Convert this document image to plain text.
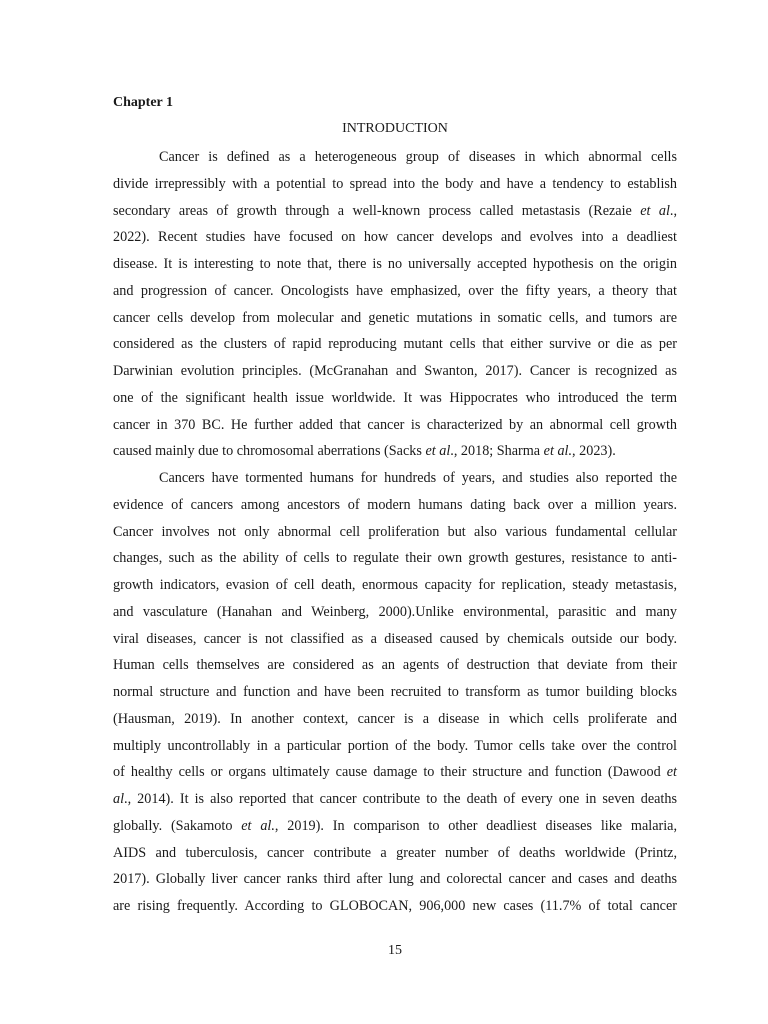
Chapter 1
INTRODUCTION
Cancer is defined as a heterogeneous group of diseases in which abnormal cells
divide irrepressibly with a potential to spread into the body and have a tendency to establish
secondary areas of growth through a well-known process called metastasis (Rezaie et al.,
2022). Recent studies have focused on how cancer develops and evolves into a deadliest
disease. It is interesting to note that, there is no universally accepted hypothesis on the origin
and progression of cancer. Oncologists have emphasized, over the fifty years, a theory that
cancer cells develop from molecular and genetic mutations in somatic cells, and tumors are
considered as the clusters of rapid reproducing mutant cells that either survive or die as per
Darwinian evolution principles. (McGranahan and Swanton, 2017). Cancer is recognized as
one of the significant health issue worldwide. It was Hippocrates who introduced the term
cancer in 370 BC. He further added that cancer is characterized by an abnormal cell growth
caused mainly due to chromosomal aberrations (Sacks et al., 2018; Sharma et al., 2023).
Cancers have tormented humans for hundreds of years, and studies also reported the
evidence of cancers among ancestors of modern humans dating back over a million years.
Cancer involves not only abnormal cell proliferation but also various fundamental cellular
changes, such as the ability of cells to regulate their own growth gestures, resistance to anti-
growth indicators, evasion of cell death, enormous capacity for replication, steady metastasis,
and vasculature (Hanahan and Weinberg, 2000).Unlike environmental, parasitic and many
viral diseases, cancer is not classified as a diseased caused by chemicals outside our body.
Human cells themselves are considered as an agents of destruction that deviate from their
normal structure and function and have been recruited to transform as tumor building blocks
(Hausman, 2019). In another context, cancer is a disease in which cells proliferate and
multiply uncontrollably in a particular portion of the body. Tumor cells take over the control
of healthy cells or organs ultimately cause damage to their structure and function (Dawood et
al., 2014). It is also reported that cancer contribute to the death of every one in seven deaths
globally. (Sakamoto et al., 2019). In comparison to other deadliest diseases like malaria,
AIDS and tuberculosis, cancer contribute a greater number of deaths worldwide (Printz,
2017). Globally liver cancer ranks third after lung and colorectal cancer and cases and deaths
are rising frequently. According to GLOBOCAN, 906,000 new cases (11.7% of total cancer
15
